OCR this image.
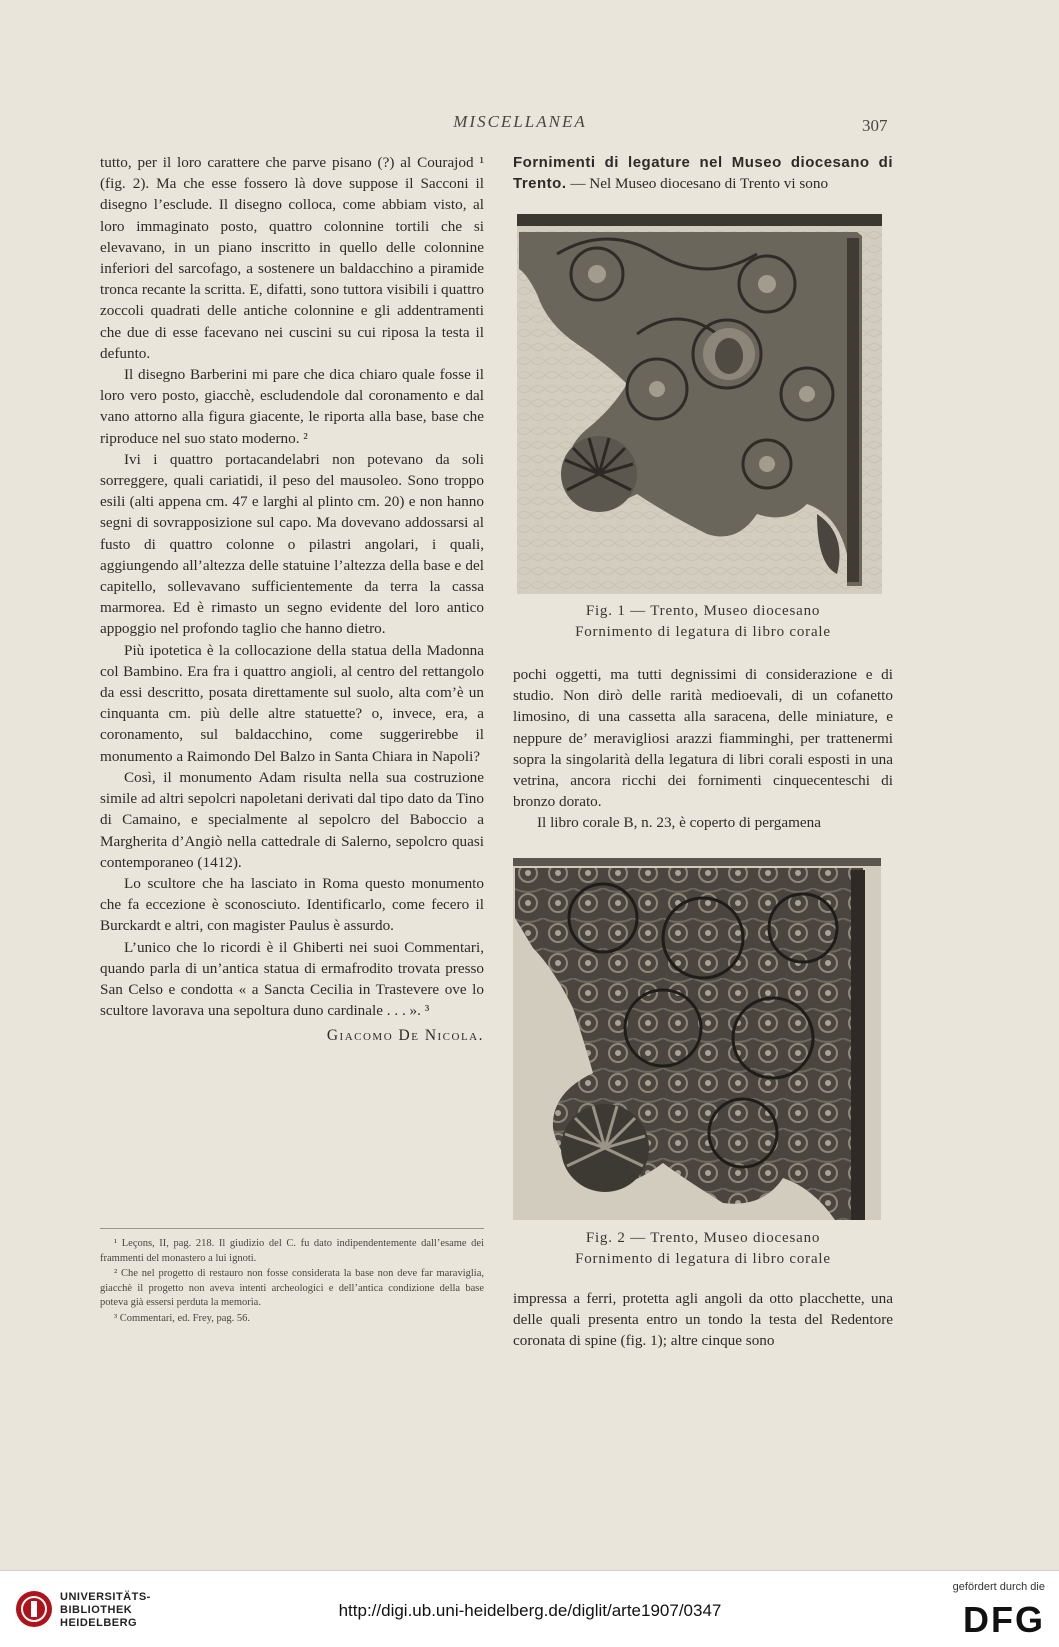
MISCELLANEA	307

tutto, per il loro carattere che parve pisano (?) al Courajod ¹ (fig. 2). Ma che esse fossero là dove suppose il Sacconi il disegno l’esclude. Il disegno colloca, come abbiam visto, al loro immaginato posto, quattro colonnine tortili che si elevavano, in un piano inscritto in quello delle colonnine inferiori del sarcofago, a sostenere un baldacchino a piramide tronca recante la scritta. E, difatti, sono tuttora visibili i quattro zoccoli quadrati delle antiche colonnine e gli addentramenti che due di esse facevano nei cuscini su cui riposa la testa il defunto.

Il disegno Barberini mi pare che dica chiaro quale fosse il loro vero posto, giacchè, escludendole dal coronamento e dal vano attorno alla figura giacente, le riporta alla base, base che riproduce nel suo stato moderno. ²

Ivi i quattro portacandelabri non potevano da soli sorreggere, quali cariatidi, il peso del mausoleo. Sono troppo esili (alti appena cm. 47 e larghi al plinto cm. 20) e non hanno segni di sovrapposizione sul capo. Ma dovevano addossarsi al fusto di quattro colonne o pilastri angolari, i quali, aggiungendo all’altezza delle statuine l’altezza della base e del capitello, sollevavano sufficientemente da terra la cassa marmorea. Ed è rimasto un segno evidente del loro antico appoggio nel profondo taglio che hanno dietro.

Più ipotetica è la collocazione della statua della Madonna col Bambino. Era fra i quattro angioli, al centro del rettangolo da essi descritto, posata direttamente sul suolo, alta com’è un cinquanta cm. più delle altre statuette? o, invece, era, a coronamento, sul baldacchino, come suggerirebbe il monumento a Raimondo Del Balzo in Santa Chiara in Napoli?

Così, il monumento Adam risulta nella sua costruzione simile ad altri sepolcri napoletani derivati dal tipo dato da Tino di Camaino, e specialmente al sepolcro del Baboccio a Margherita d’Angiò nella cattedrale di Salerno, sepolcro quasi contemporaneo (1412).

Lo scultore che ha lasciato in Roma questo monumento che fa eccezione è sconosciuto. Identificarlo, come fecero il Burckardt e altri, con magister Paulus è assurdo.

L’unico che lo ricordi è il Ghiberti nei suoi Commentari, quando parla di un’antica statua di ermafrodito trovata presso San Celso e condotta « a Sancta Cecilia in Trastevere ove lo scultore lavorava una sepoltura duno cardinale . . . ». ³

Giacomo De Nicola.

¹ Leçons, II, pag. 218. Il giudizio del C. fu dato indipendentemente dall’esame dei frammenti del monastero a lui ignoti.

² Che nel progetto di restauro non fosse considerata la base non deve far maraviglia, giacchè il progetto non aveva intenti archeologici e dell’antica condizione della base poteva già essersi perduta la memoria.

³ Commentari, ed. Frey, pag. 56.

Fornimenti di legature nel Museo diocesano di Trento. — Nel Museo diocesano di Trento vi sono

Fig. 1 — Trento, Museo diocesano
Fornimento di legatura di libro corale

pochi oggetti, ma tutti degnissimi di considerazione e di studio. Non dirò delle rarità medioevali, di un cofanetto limosino, di una cassetta alla saracena, delle miniature, e neppure de’ meravigliosi arazzi fiamminghi, per trattenermi sopra la singolarità della legatura di libri corali esposti in una vetrina, ancora ricchi dei fornimenti cinquecenteschi di bronzo dorato.

Il libro corale B, n. 23, è coperto di pergamena

Fig. 2 — Trento, Museo diocesano
Fornimento di legatura di libro corale

impressa a ferri, protetta agli angoli da otto placchette, una delle quali presenta entro un tondo la testa del Redentore coronata di spine (fig. 1); altre cinque sono

UNIVERSITÄTS-
BIBLIOTHEK
HEIDELBERG
http://digi.ub.uni-heidelberg.de/diglit/arte1907/0347
gefördert durch die
DFG
